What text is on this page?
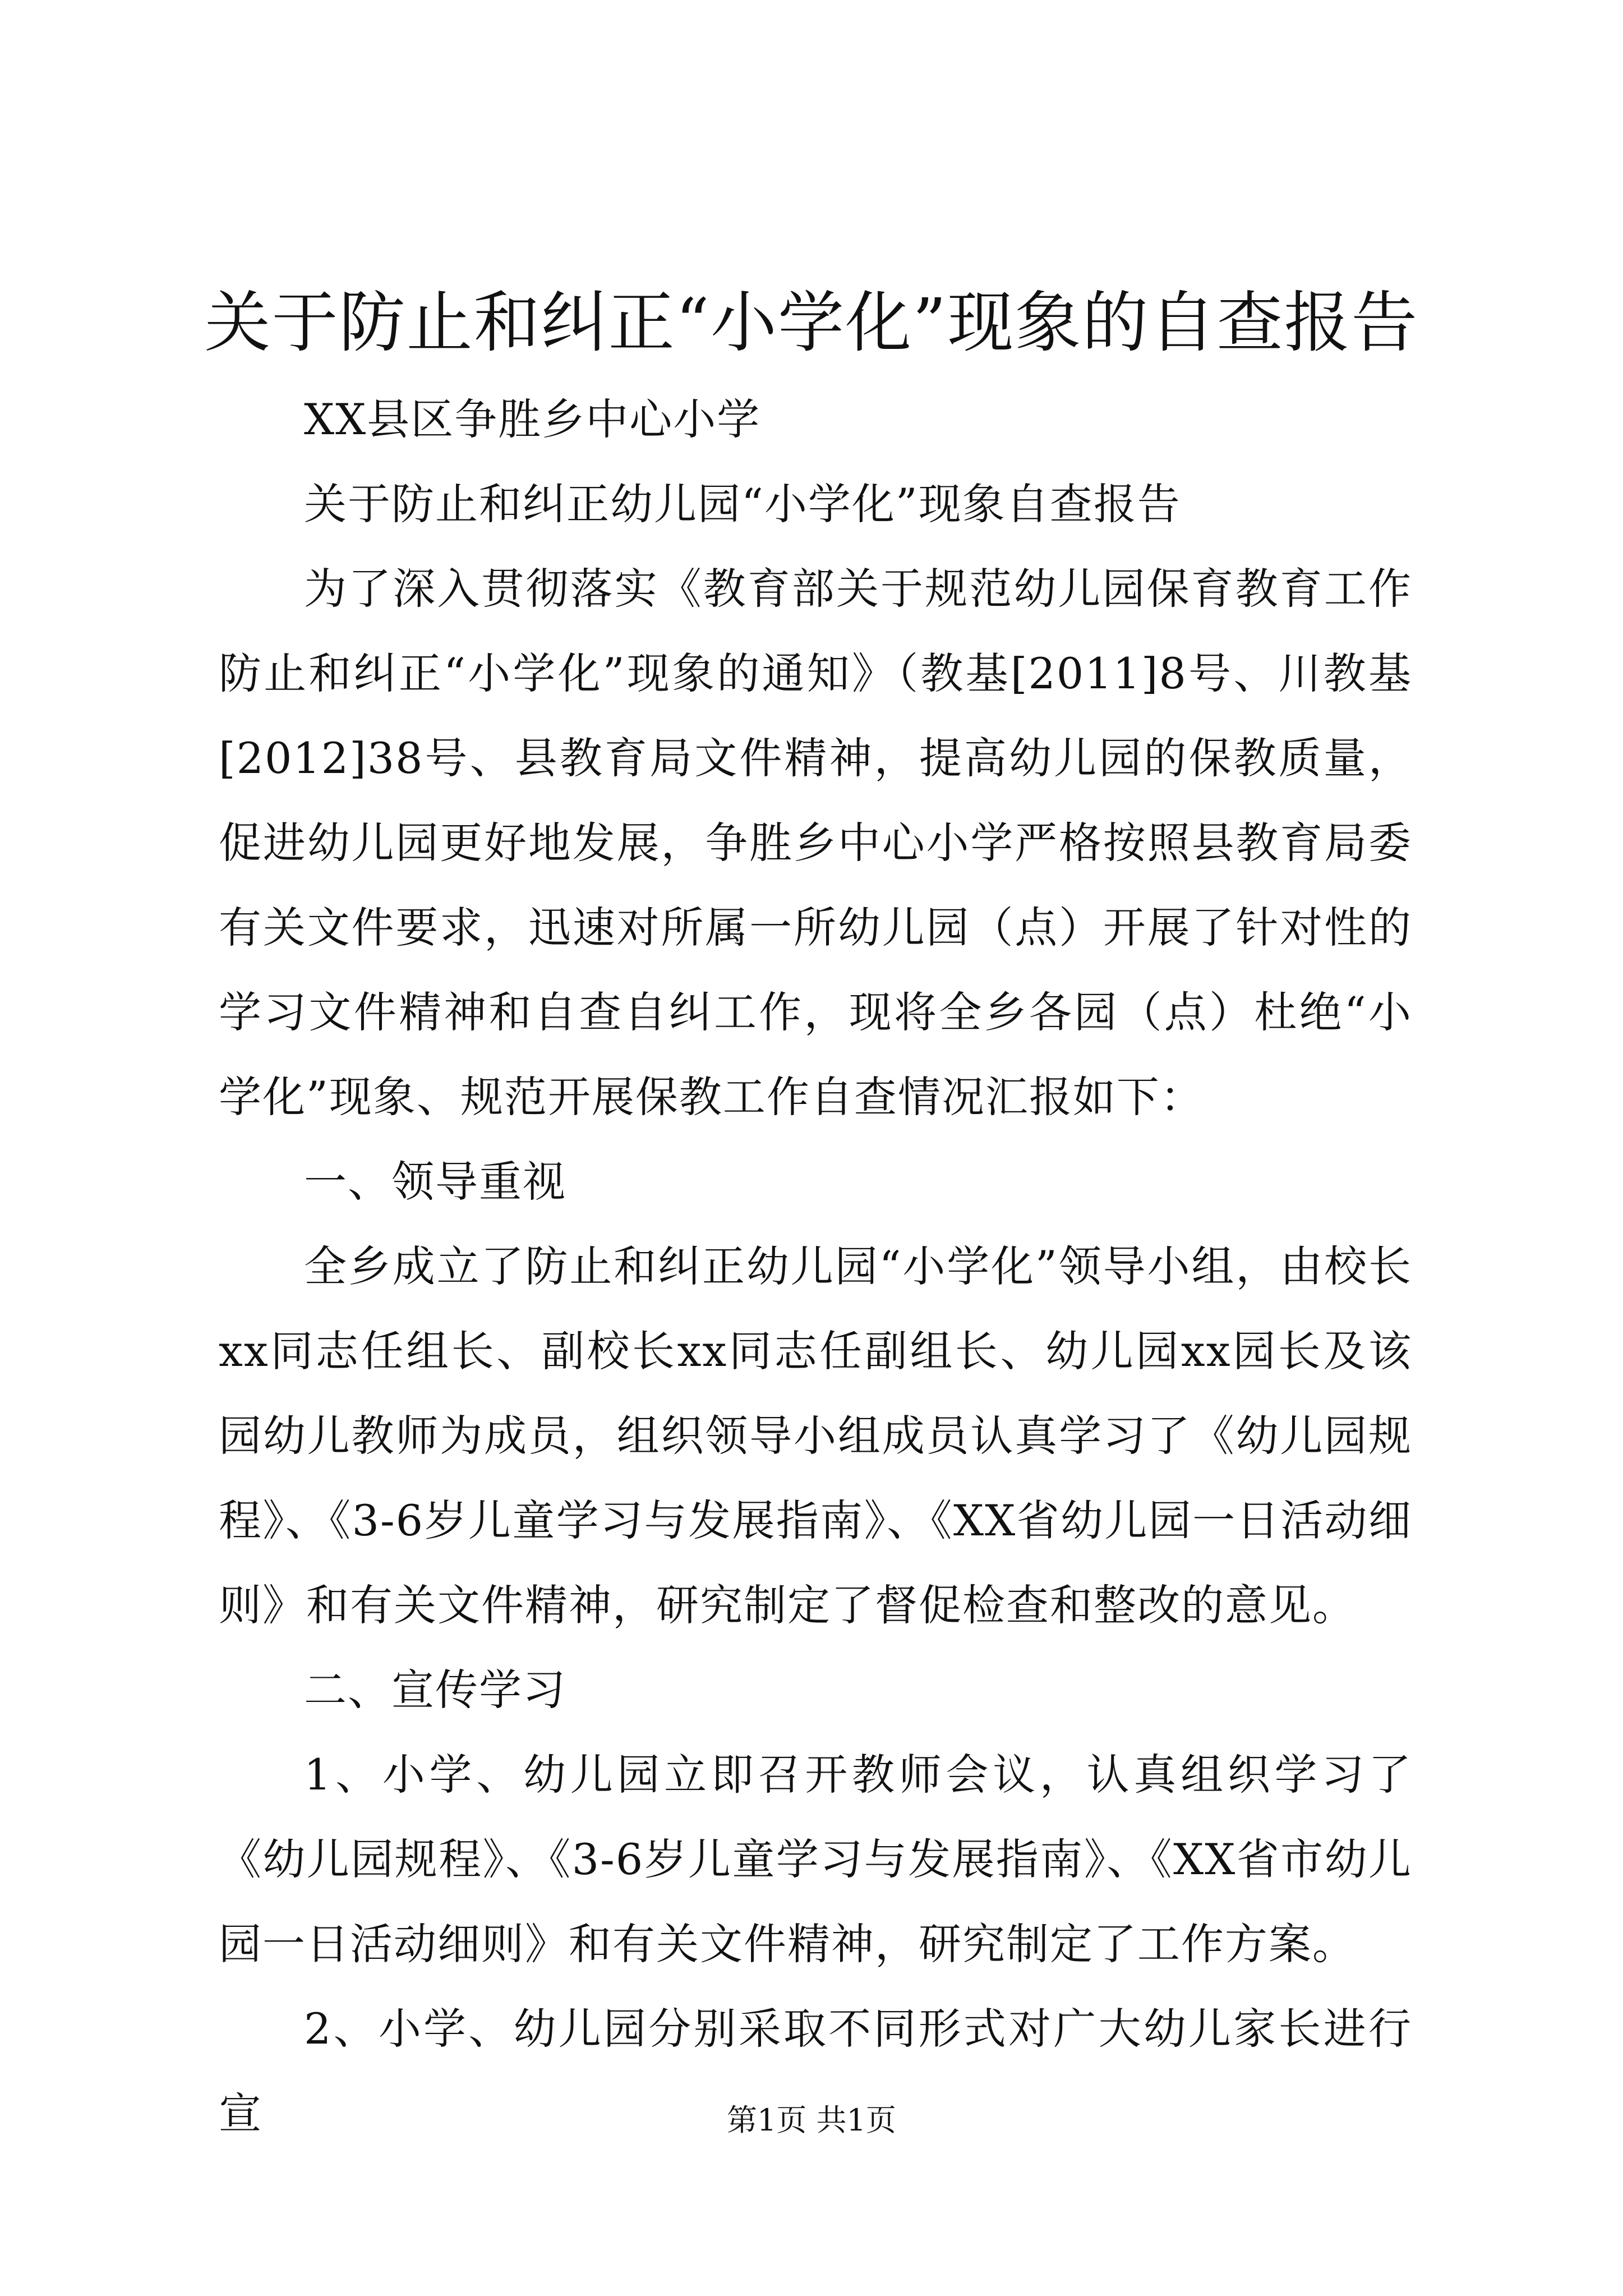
关于防止和纠正“小学化”现象的自查报告

XX县区争胜乡中心小学

关于防止和纠正幼儿园“小学化”现象自查报告

为了深入贯彻落实《教育部关于规范幼儿园保育教育工作防止和纠正“小学化”现象的通知》（教基[2011]8号、川教基[2012]38号、县教育局文件精神，提高幼儿园的保教质量，促进幼儿园更好地发展，争胜乡中心小学严格按照县教育局委有关文件要求，迅速对所属一所幼儿园（点）开展了针对性的学习文件精神和自查自纠工作，现将全乡各园（点）杜绝“小学化”现象、规范开展保教工作自查情况汇报如下：

一、领导重视

全乡成立了防止和纠正幼儿园“小学化”领导小组，由校长xx同志任组长、副校长xx同志任副组长、幼儿园xx园长及该园幼儿教师为成员，组织领导小组成员认真学习了《幼儿园规程》、《3-6岁儿童学习与发展指南》、《XX省幼儿园一日活动细则》和有关文件精神，研究制定了督促检查和整改的意见。

二、宣传学习

1、小学、幼儿园立即召开教师会议，认真组织学习了《幼儿园规程》、《3-6岁儿童学习与发展指南》、《XX省市幼儿园一日活动细则》和有关文件精神，研究制定了工作方案。

2、小学、幼儿园分别采取不同形式对广大幼儿家长进行宣	第1页 共1页
